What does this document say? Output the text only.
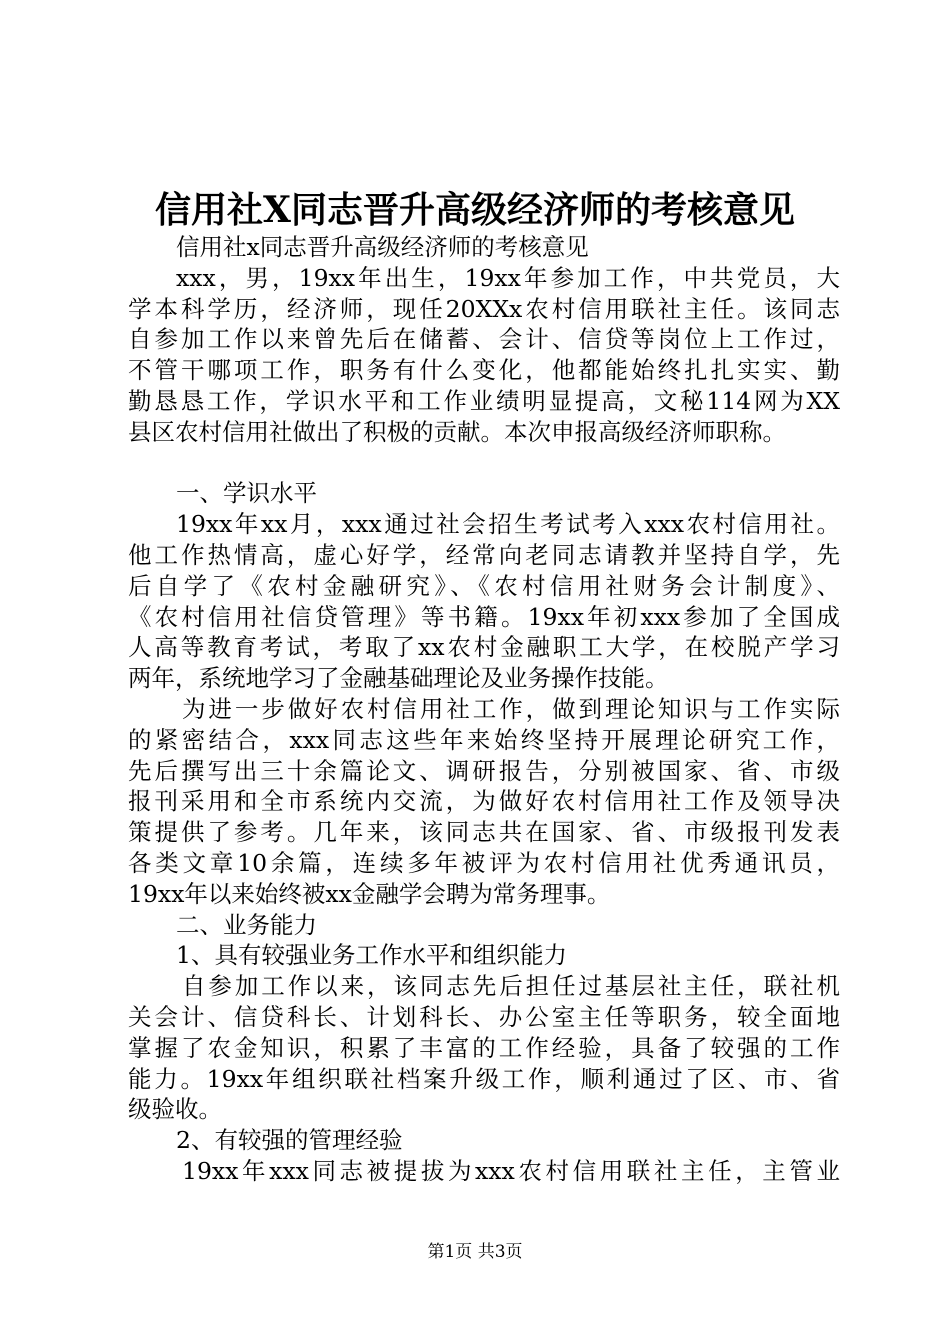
信用社X同志晋升高级经济师的考核意见
信用社x同志晋升高级经济师的考核意见
xxx，男，19xx年出生，19xx年参加工作，中共党员，大
学本科学历，经济师，现任20XXx农村信用联社主任。该同志
自参加工作以来曾先后在储蓄、会计、信贷等岗位上工作过，
不管干哪项工作，职务有什么变化，他都能始终扎扎实实、勤
勤恳恳工作，学识水平和工作业绩明显提高，文秘114网为XX
县区农村信用社做出了积极的贡献。本次申报高级经济师职称。
一、学识水平
19xx年xx月，xxx通过社会招生考试考入xxx农村信用社。
他工作热情高，虚心好学，经常向老同志请教并坚持自学，先
后自学了《农村金融研究》、《农村信用社财务会计制度》、
《农村信用社信贷管理》等书籍。19xx年初xxx参加了全国成
人高等教育考试，考取了xx农村金融职工大学，在校脱产学习
两年，系统地学习了金融基础理论及业务操作技能。
为进一步做好农村信用社工作，做到理论知识与工作实际
的紧密结合，xxx同志这些年来始终坚持开展理论研究工作，
先后撰写出三十余篇论文、调研报告，分别被国家、省、市级
报刊采用和全市系统内交流，为做好农村信用社工作及领导决
策提供了参考。几年来，该同志共在国家、省、市级报刊发表
各类文章10余篇，连续多年被评为农村信用社优秀通讯员，
19xx年以来始终被xx金融学会聘为常务理事。
二、业务能力
1、具有较强业务工作水平和组织能力
自参加工作以来，该同志先后担任过基层社主任，联社机
关会计、信贷科长、计划科长、办公室主任等职务，较全面地
掌握了农金知识，积累了丰富的工作经验，具备了较强的工作
能力。19xx年组织联社档案升级工作，顺利通过了区、市、省
级验收。
2、有较强的管理经验
19xx年xxx同志被提拔为xxx农村信用联社主任，主管业
第1页 共3页
